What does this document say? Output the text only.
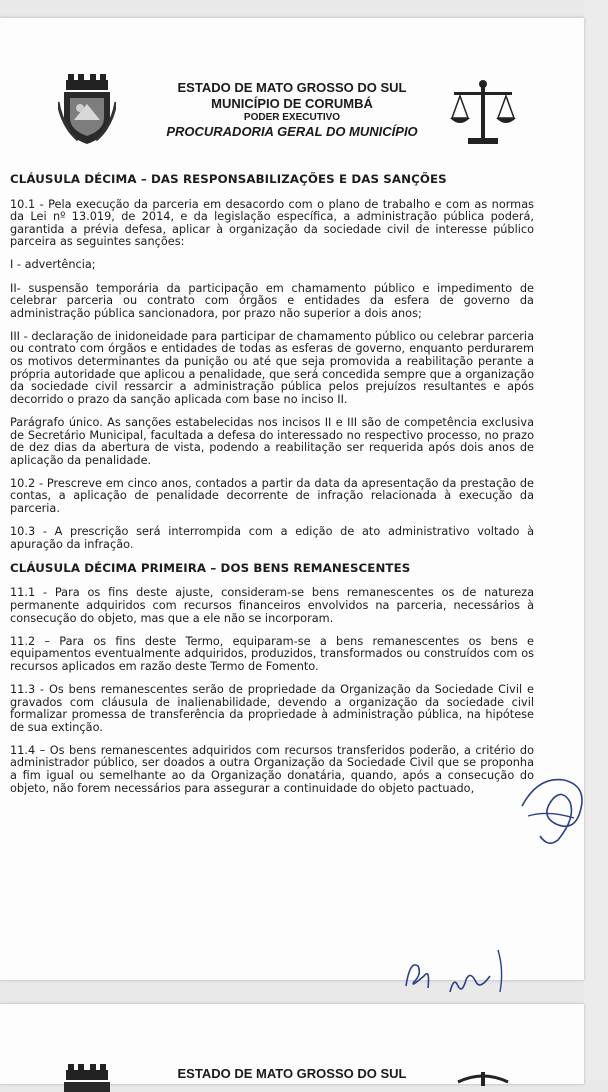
ESTADO DE MATO GROSSO DO SUL
MUNICÍPIO DE CORUMBÁ
PODER EXECUTIVO
PROCURADORIA GERAL DO MUNICÍPIO

CLÁUSULA DÉCIMA – DAS RESPONSABILIZAÇÕES E DAS SANÇÕES

10.1 - Pela execução da parceria em desacordo com o plano de trabalho e com as normas da Lei nº 13.019, de 2014, e da legislação específica, a administração pública poderá, garantida a prévia defesa, aplicar à organização da sociedade civil de interesse público parceira as seguintes sanções:

I - advertência;

II- suspensão temporária da participação em chamamento público e impedimento de celebrar parceria ou contrato com órgãos e entidades da esfera de governo da administração pública sancionadora, por prazo não superior a dois anos;

III - declaração de inidoneidade para participar de chamamento público ou celebrar parceria ou contrato com órgãos e entidades de todas as esferas de governo, enquanto perdurarem os motivos determinantes da punição ou até que seja promovida a reabilitação perante a própria autoridade que aplicou a penalidade, que será concedida sempre que a organização da sociedade civil ressarcir a administração pública pelos prejuízos resultantes e após decorrido o prazo da sanção aplicada com base no inciso II.

Parágrafo único. As sanções estabelecidas nos incisos II e III são de competência exclusiva de Secretário Municipal, facultada a defesa do interessado no respectivo processo, no prazo de dez dias da abertura de vista, podendo a reabilitação ser requerida após dois anos de aplicação da penalidade.

10.2 - Prescreve em cinco anos, contados a partir da data da apresentação da prestação de contas, a aplicação de penalidade decorrente de infração relacionada à execução da parceria.

10.3 - A prescrição será interrompida com a edição de ato administrativo voltado à apuração da infração.

CLÁUSULA DÉCIMA PRIMEIRA – DOS BENS REMANESCENTES

11.1 - Para os fins deste ajuste, consideram-se bens remanescentes os de natureza permanente adquiridos com recursos financeiros envolvidos na parceria, necessários à consecução do objeto, mas que a ele não se incorporam.

11.2 – Para os fins deste Termo, equiparam-se a bens remanescentes os bens e equipamentos eventualmente adquiridos, produzidos, transformados ou construídos com os recursos aplicados em razão deste Termo de Fomento.

11.3 - Os bens remanescentes serão de propriedade da Organização da Sociedade Civil e gravados com cláusula de inalienabilidade, devendo a organização da sociedade civil formalizar promessa de transferência da propriedade à administração pública, na hipótese de sua extinção.

11.4 – Os bens remanescentes adquiridos com recursos transferidos poderão, a critério do administrador público, ser doados a outra Organização da Sociedade Civil que se proponha a fim igual ou semelhante ao da Organização donatária, quando, após a consecução do objeto, não forem necessários para assegurar a continuidade do objeto pactuado,

ESTADO DE MATO GROSSO DO SUL
